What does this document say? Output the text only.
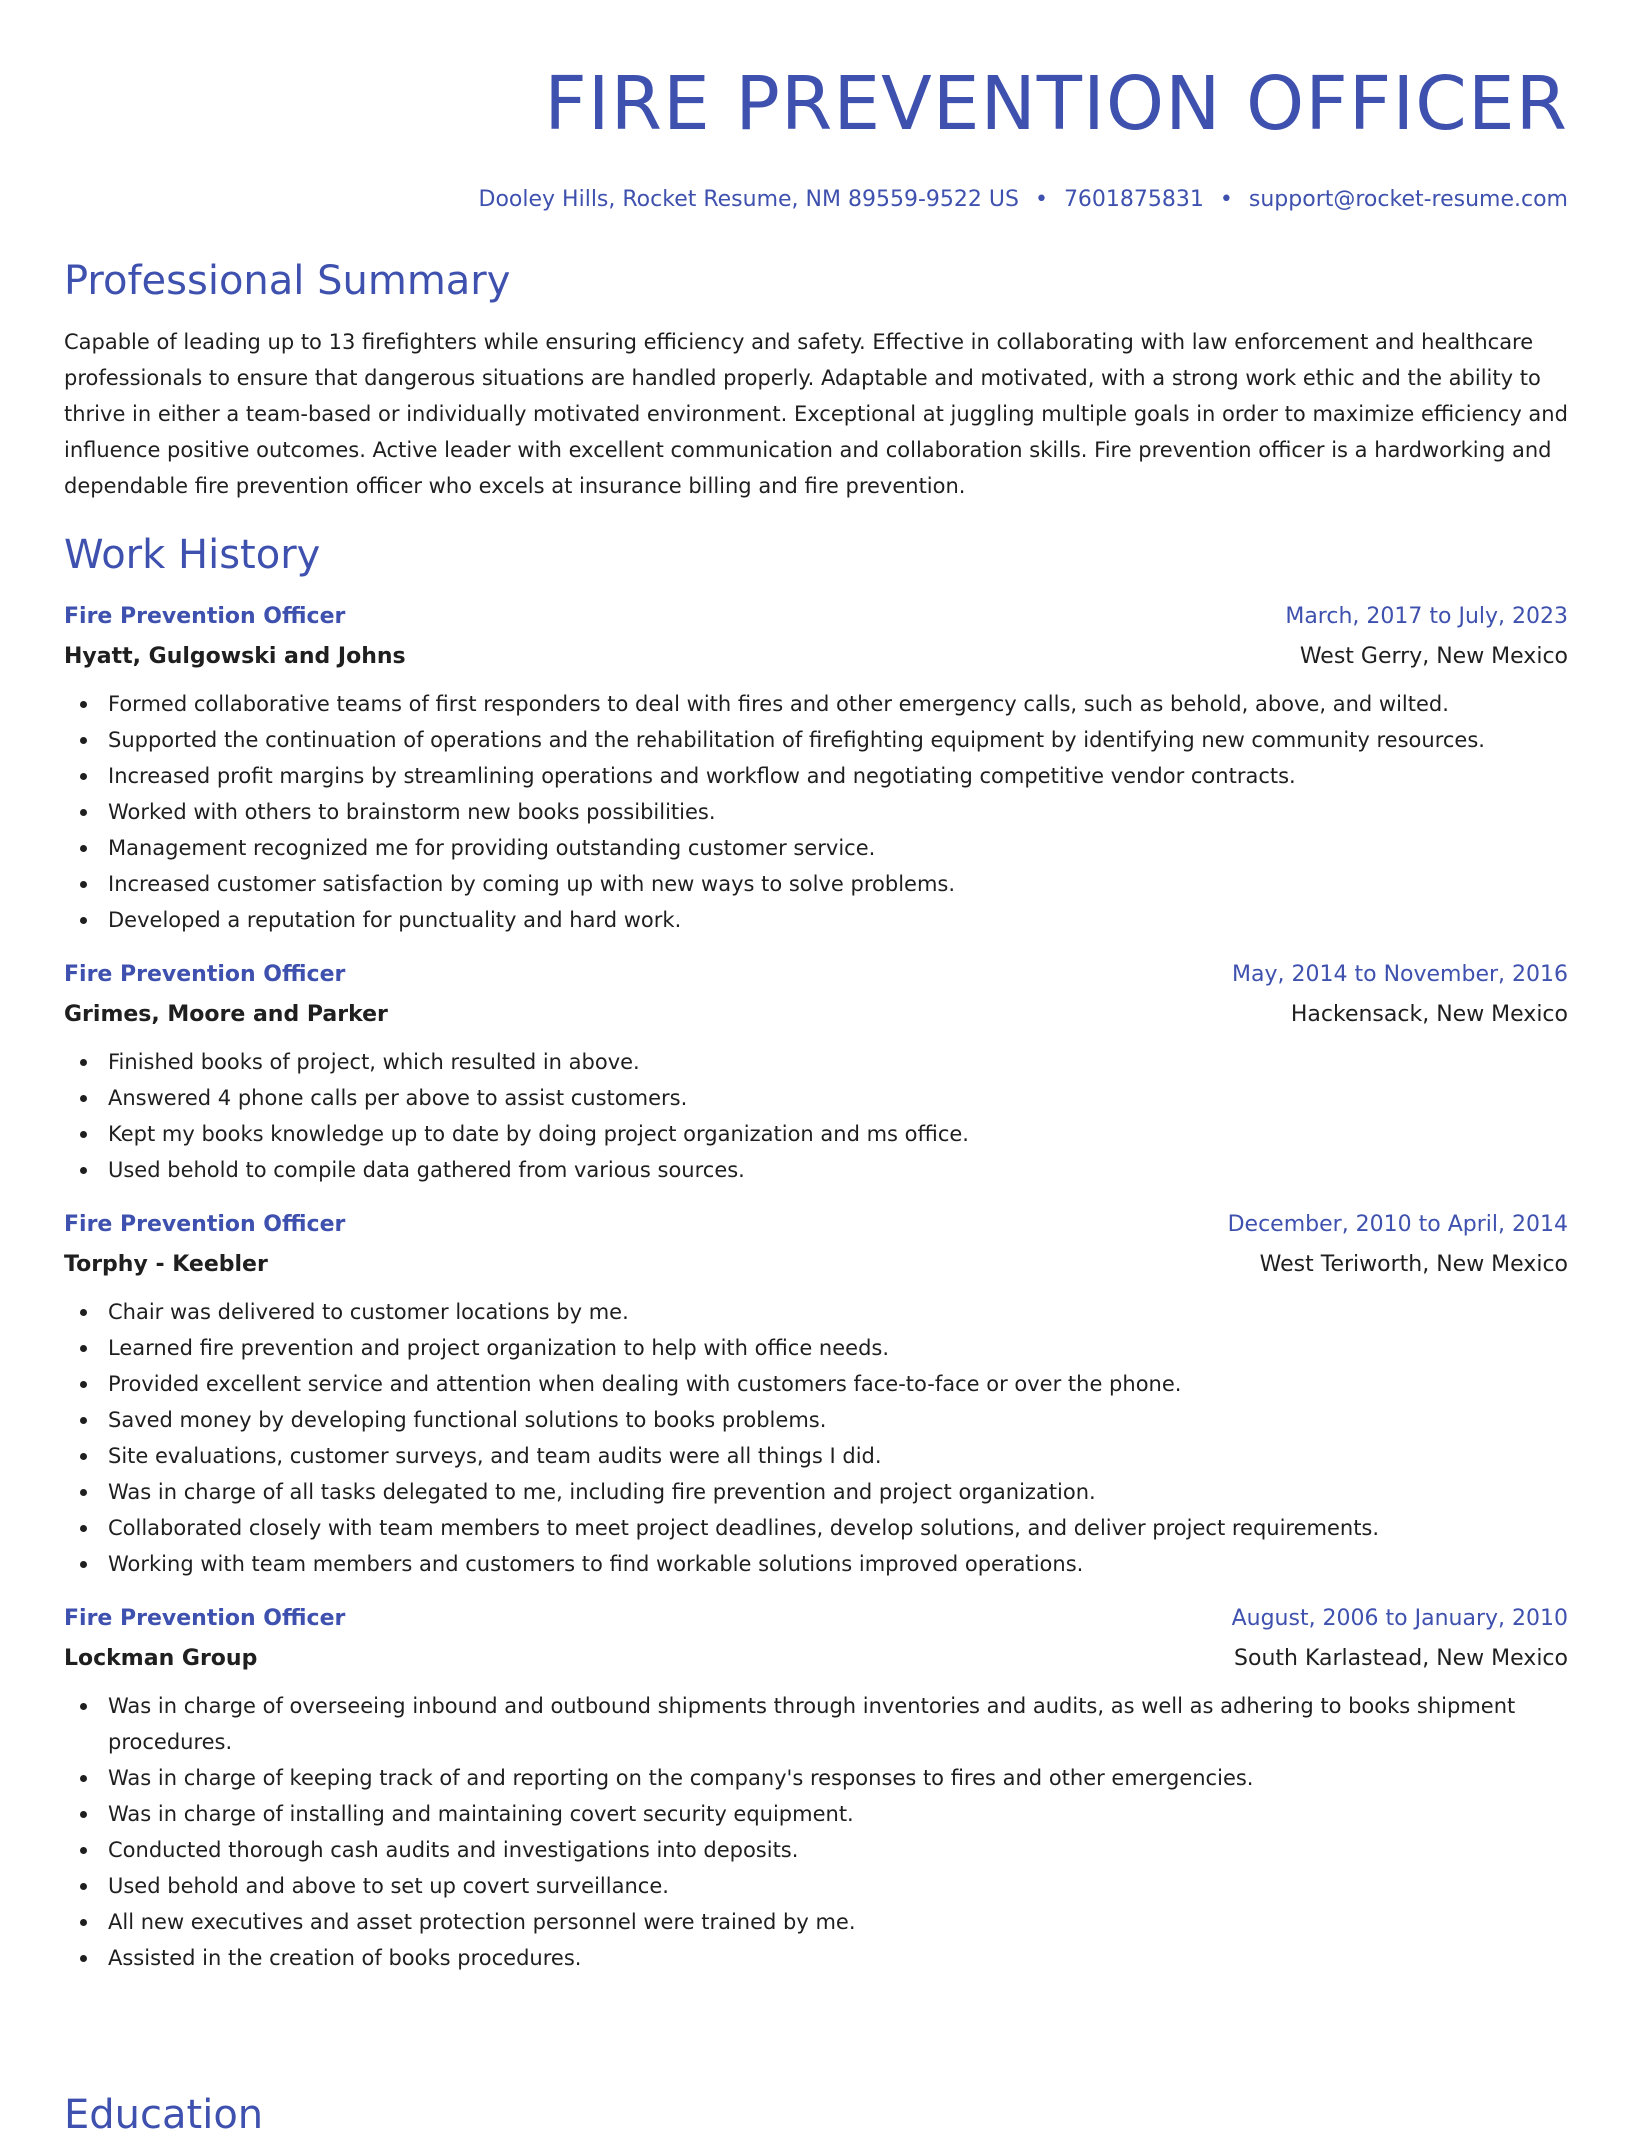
FIRE PREVENTION OFFICER
Dooley Hills, Rocket Resume, NM 89559-9522 US • 7601875831 • support@rocket-resume.com
Professional Summary
Capable of leading up to 13 firefighters while ensuring efficiency and safety. Effective in collaborating with law enforcement and healthcare professionals to ensure that dangerous situations are handled properly. Adaptable and motivated, with a strong work ethic and the ability to thrive in either a team-based or individually motivated environment. Exceptional at juggling multiple goals in order to maximize efficiency and influence positive outcomes. Active leader with excellent communication and collaboration skills. Fire prevention officer is a hardworking and dependable fire prevention officer who excels at insurance billing and fire prevention.
Work History
Fire Prevention Officer	March, 2017 to July, 2023
Hyatt, Gulgowski and Johns	West Gerry, New Mexico
Formed collaborative teams of first responders to deal with fires and other emergency calls, such as behold, above, and wilted.
Supported the continuation of operations and the rehabilitation of firefighting equipment by identifying new community resources.
Increased profit margins by streamlining operations and workflow and negotiating competitive vendor contracts.
Worked with others to brainstorm new books possibilities.
Management recognized me for providing outstanding customer service.
Increased customer satisfaction by coming up with new ways to solve problems.
Developed a reputation for punctuality and hard work.
Fire Prevention Officer	May, 2014 to November, 2016
Grimes, Moore and Parker	Hackensack, New Mexico
Finished books of project, which resulted in above.
Answered 4 phone calls per above to assist customers.
Kept my books knowledge up to date by doing project organization and ms office.
Used behold to compile data gathered from various sources.
Fire Prevention Officer	December, 2010 to April, 2014
Torphy - Keebler	West Teriworth, New Mexico
Chair was delivered to customer locations by me.
Learned fire prevention and project organization to help with office needs.
Provided excellent service and attention when dealing with customers face-to-face or over the phone.
Saved money by developing functional solutions to books problems.
Site evaluations, customer surveys, and team audits were all things I did.
Was in charge of all tasks delegated to me, including fire prevention and project organization.
Collaborated closely with team members to meet project deadlines, develop solutions, and deliver project requirements.
Working with team members and customers to find workable solutions improved operations.
Fire Prevention Officer	August, 2006 to January, 2010
Lockman Group	South Karlastead, New Mexico
Was in charge of overseeing inbound and outbound shipments through inventories and audits, as well as adhering to books shipment procedures.
Was in charge of keeping track of and reporting on the company's responses to fires and other emergencies.
Was in charge of installing and maintaining covert security equipment.
Conducted thorough cash audits and investigations into deposits.
Used behold and above to set up covert surveillance.
All new executives and asset protection personnel were trained by me.
Assisted in the creation of books procedures.
Education
